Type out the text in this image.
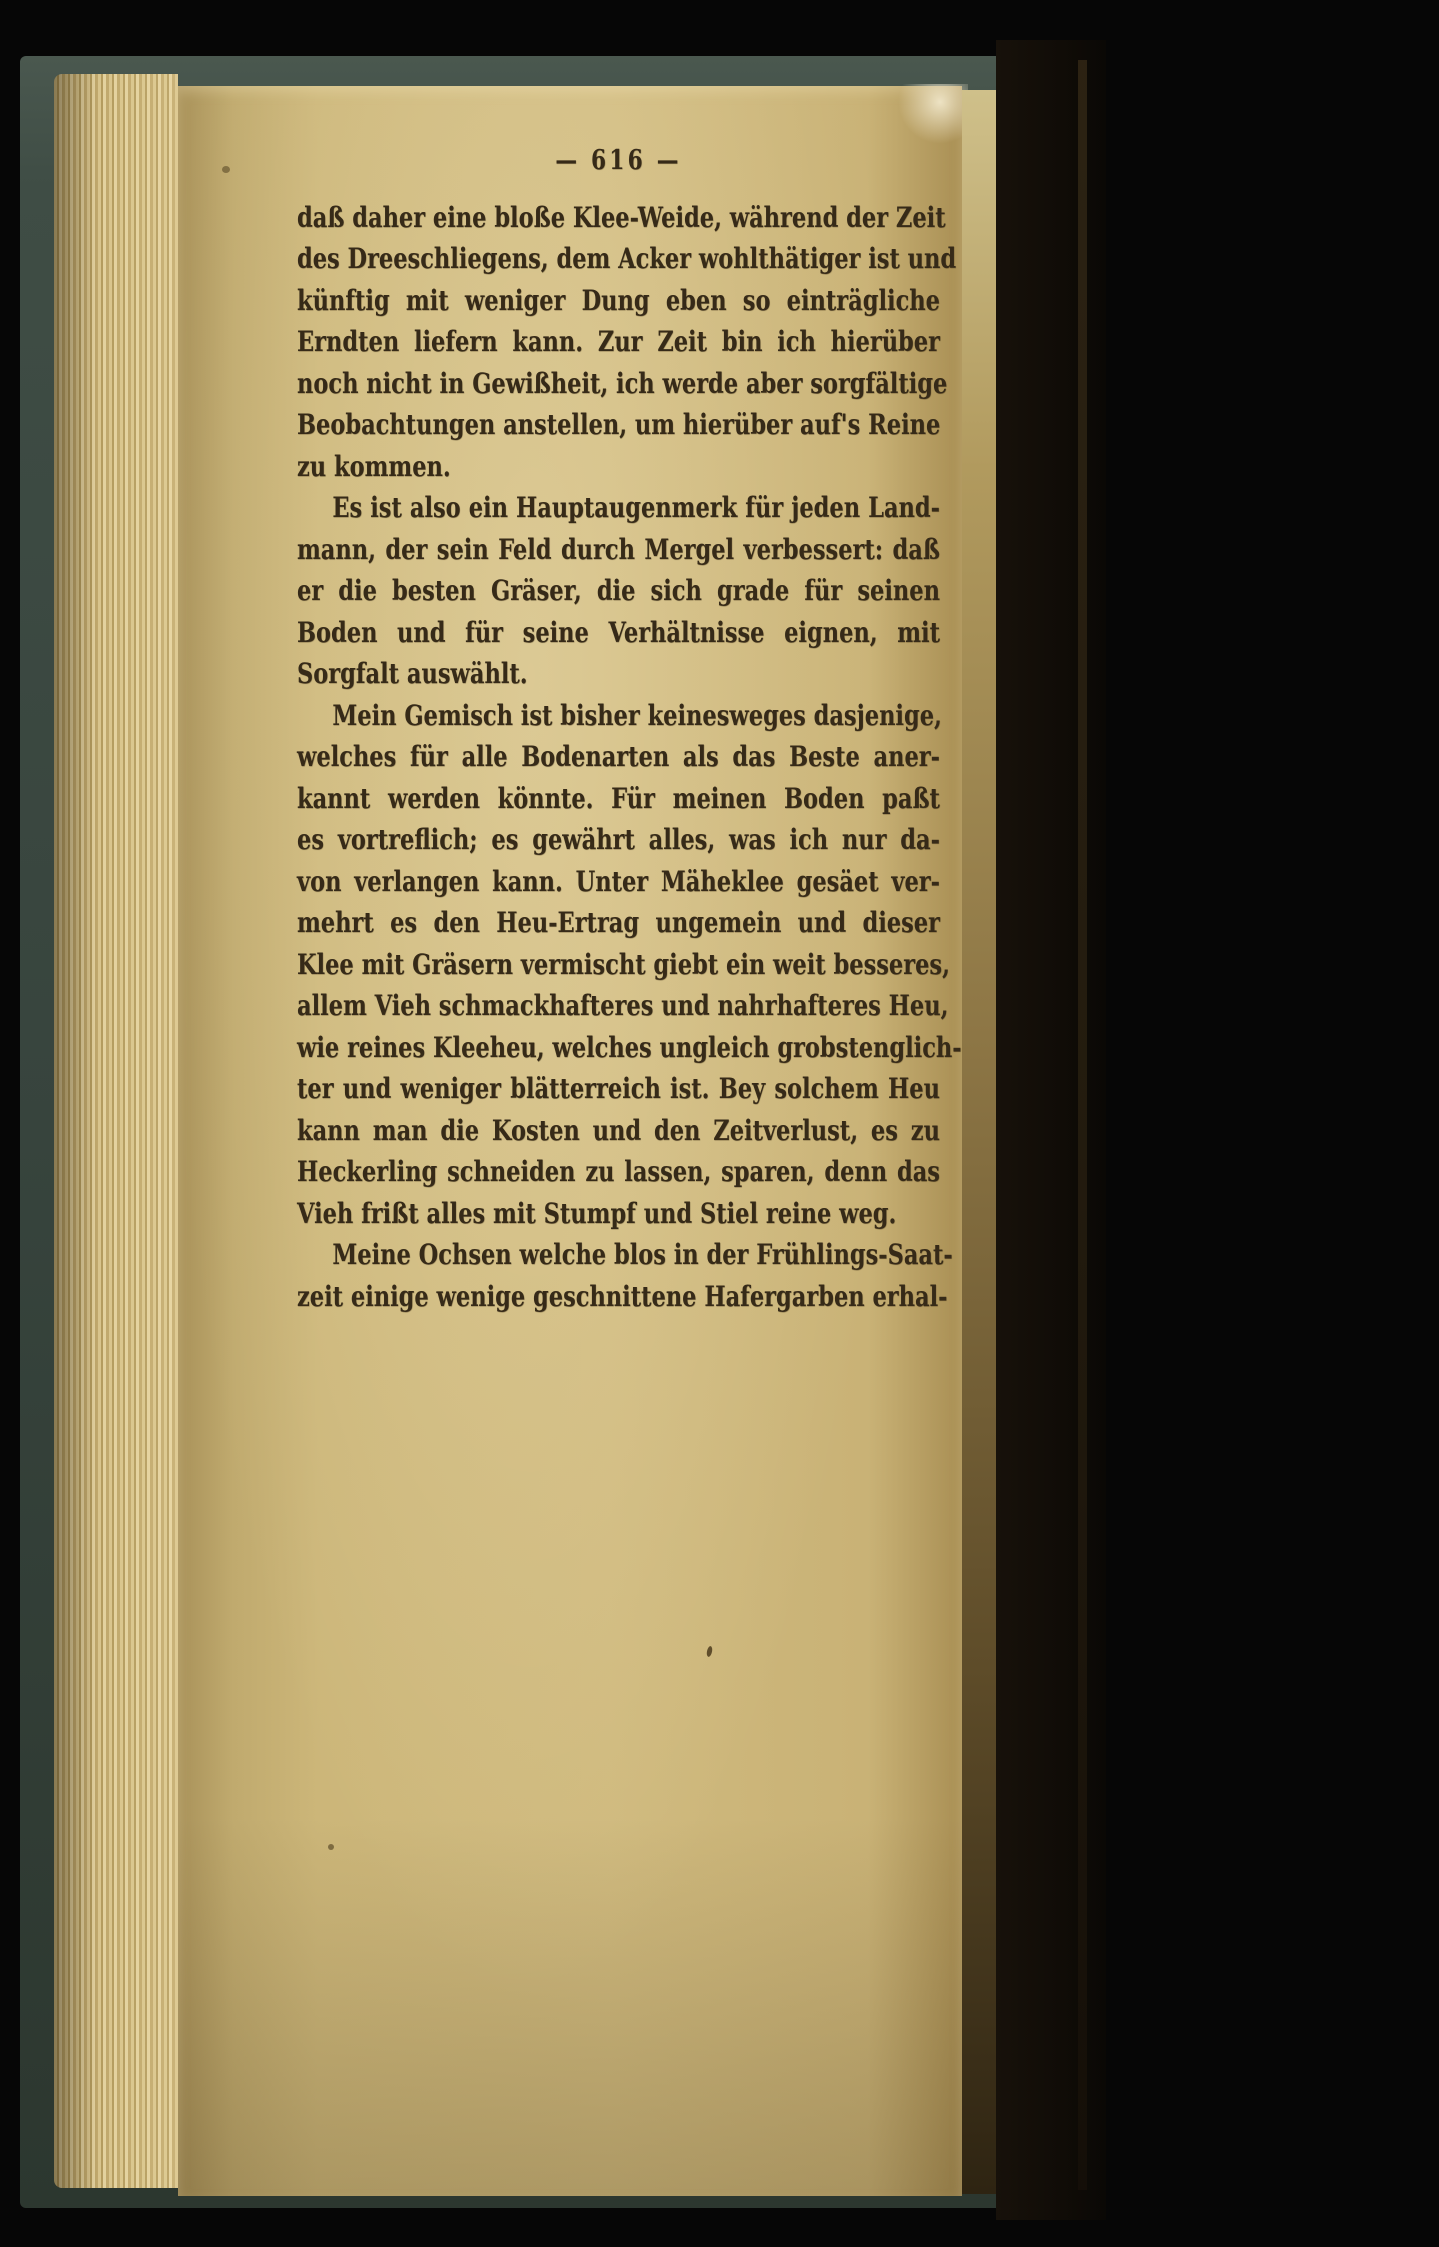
— 616 —
daß daher eine bloße Klee-Weide, während der Zeit
des Dreeschliegens, dem Acker wohlthätiger ist und
künftig mit weniger Dung eben so einträgliche
Erndten liefern kann. Zur Zeit bin ich hierüber
noch nicht in Gewißheit, ich werde aber sorgfältige
Beobachtungen anstellen, um hierüber auf's Reine
zu kommen.
Es ist also ein Hauptaugenmerk für jeden Land-
mann, der sein Feld durch Mergel verbessert: daß
er die besten Gräser, die sich grade für seinen
Boden und für seine Verhältnisse eignen, mit
Sorgfalt auswählt.
Mein Gemisch ist bisher keinesweges dasjenige,
welches für alle Bodenarten als das Beste aner-
kannt werden könnte. Für meinen Boden paßt
es vortreflich; es gewährt alles, was ich nur da-
von verlangen kann. Unter Mäheklee gesäet ver-
mehrt es den Heu-Ertrag ungemein und dieser
Klee mit Gräsern vermischt giebt ein weit besseres,
allem Vieh schmackhafteres und nahrhafteres Heu,
wie reines Kleeheu, welches ungleich grobstenglich-
ter und weniger blätterreich ist. Bey solchem Heu
kann man die Kosten und den Zeitverlust, es zu
Heckerling schneiden zu lassen, sparen, denn das
Vieh frißt alles mit Stumpf und Stiel reine weg.
Meine Ochsen welche blos in der Frühlings-Saat-
zeit einige wenige geschnittene Hafergarben erhal-
